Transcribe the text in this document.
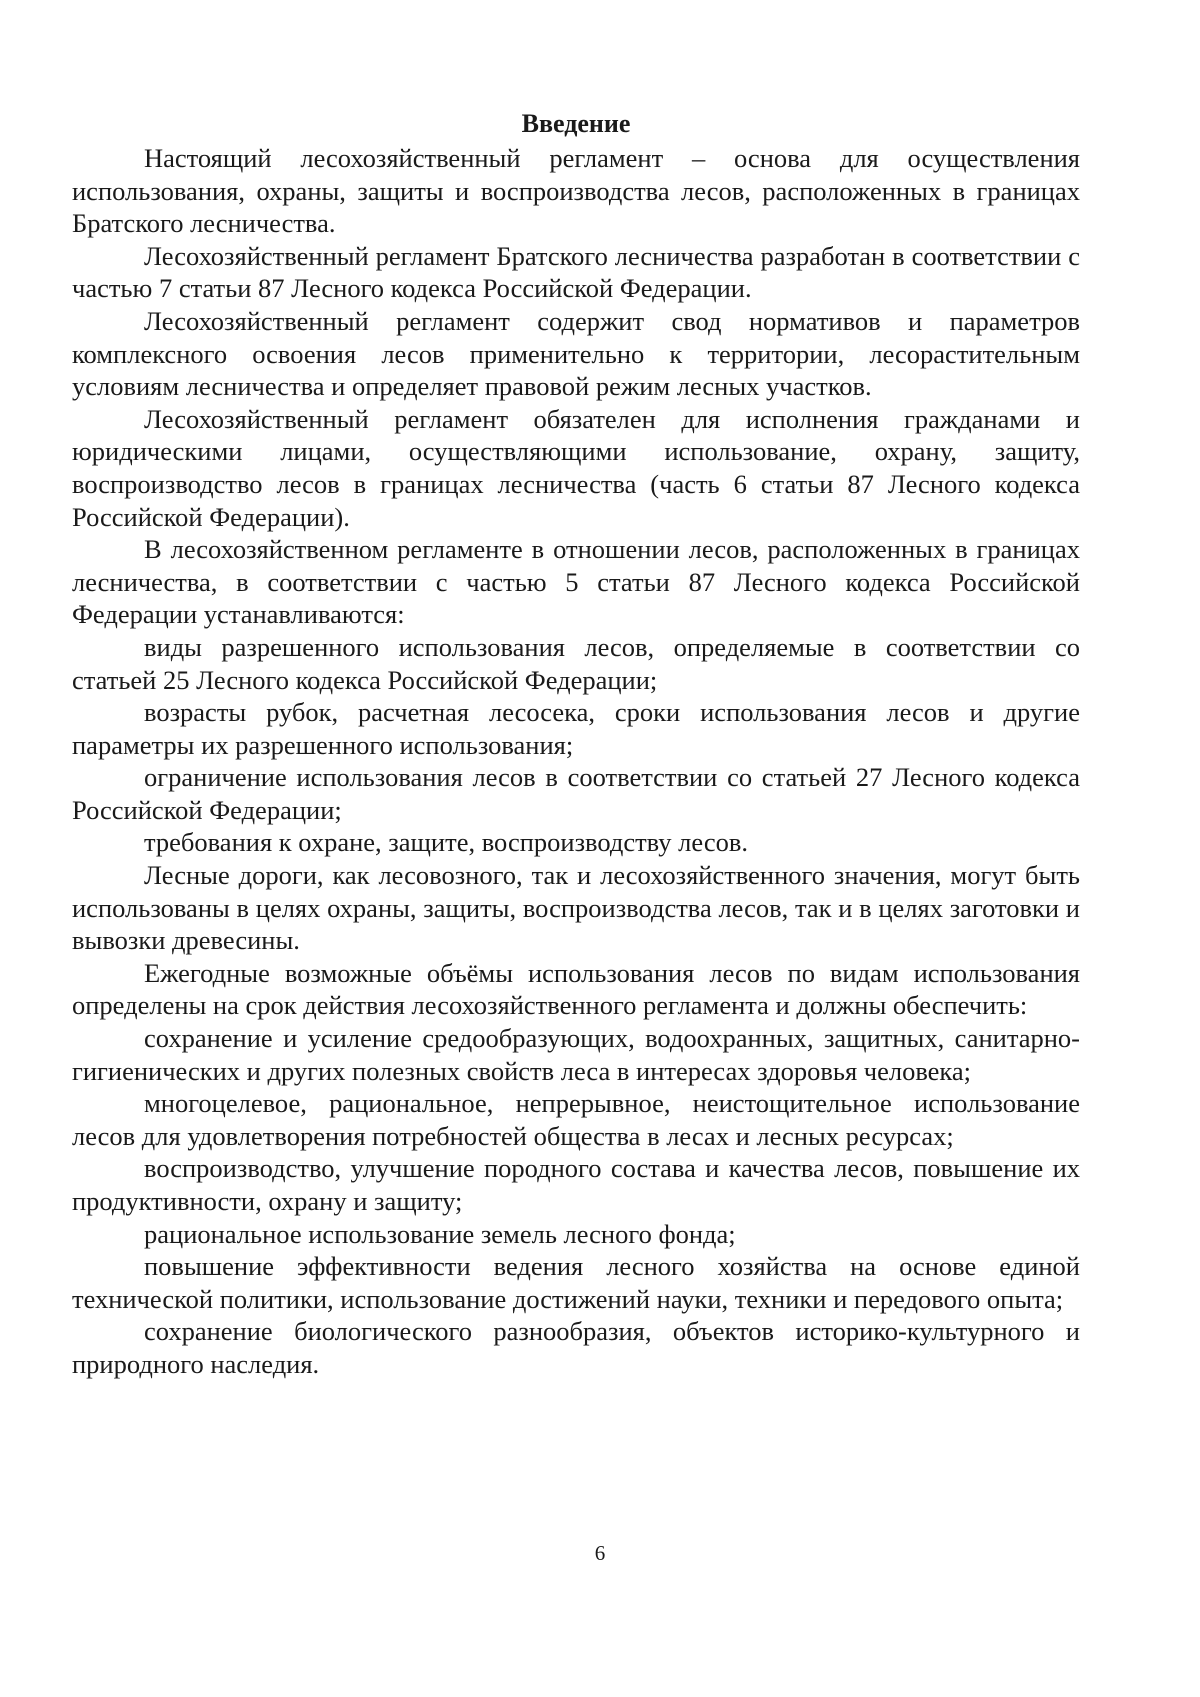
Введение

Настоящий лесохозяйственный регламент – основа для осуществления использования, охраны, защиты и воспроизводства лесов, расположенных в границах Братского лесничества.

Лесохозяйственный регламент Братского лесничества разработан в соответствии с частью 7 статьи 87 Лесного кодекса Российской Федерации.

Лесохозяйственный регламент содержит свод нормативов и параметров комплексного освоения лесов применительно к территории, лесорастительным условиям лесничества и определяет правовой режим лесных участков.

Лесохозяйственный регламент обязателен для исполнения гражданами и юридическими лицами, осуществляющими использование, охрану, защиту, воспроизводство лесов в границах лесничества (часть 6 статьи 87 Лесного кодекса Российской Федерации).

В лесохозяйственном регламенте в отношении лесов, расположенных в границах лесничества, в соответствии с частью 5 статьи 87 Лесного кодекса Российской Федерации устанавливаются:

виды разрешенного использования лесов, определяемые в соответствии со статьей 25 Лесного кодекса Российской Федерации;

возрасты рубок, расчетная лесосека, сроки использования лесов и другие параметры их разрешенного использования;

ограничение использования лесов в соответствии со статьей 27 Лесного кодекса Российской Федерации;

требования к охране, защите, воспроизводству лесов.

Лесные дороги, как лесовозного, так и лесохозяйственного значения, могут быть использованы в целях охраны, защиты, воспроизводства лесов, так и в целях заготовки и вывозки древесины.

Ежегодные возможные объёмы использования лесов по видам использования определены на срок действия лесохозяйственного регламента и должны обеспечить:

сохранение и усиление средообразующих, водоохранных, защитных, санитарно-гигиенических и других полезных свойств леса в интересах здоровья человека;

многоцелевое, рациональное, непрерывное, неистощительное использование лесов для удовлетворения потребностей общества в лесах и лесных ресурсах;

воспроизводство, улучшение породного состава и качества лесов, повышение их продуктивности, охрану и защиту;

рациональное использование земель лесного фонда;

повышение эффективности ведения лесного хозяйства на основе единой технической политики, использование достижений науки, техники и передового опыта;

сохранение биологического разнообразия, объектов историко-культурного и природного наследия.

6
